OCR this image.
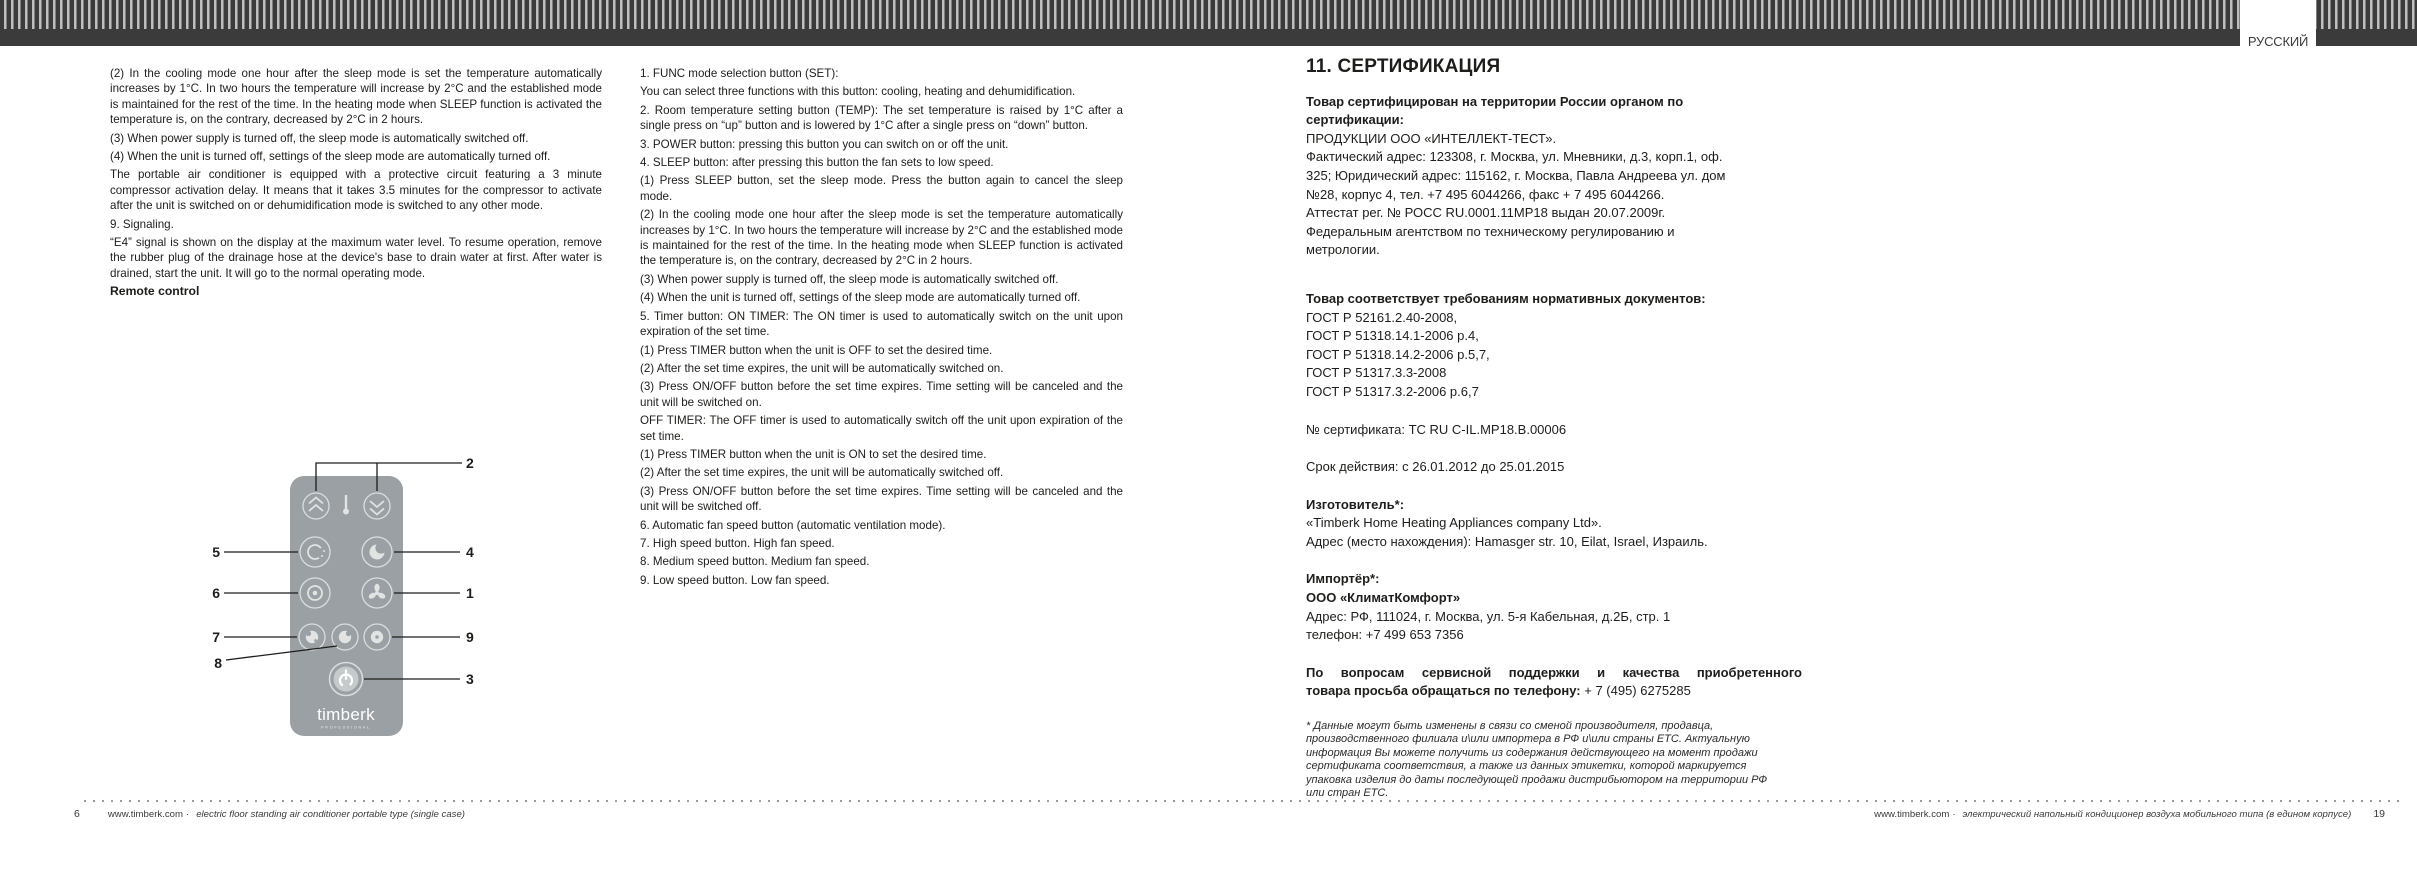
РУССКИЙ

(2) In the cooling mode one hour after the sleep mode is set the temperature automatically increases by 1°C. In two hours the temperature will increase by 2°C and the established mode is maintained for the rest of the time. In the heating mode when SLEEP function is activated the temperature is, on the contrary, decreased by 2°C in 2 hours.

(3) When power supply is turned off, the sleep mode is automatically switched off.

(4) When the unit is turned off, settings of the sleep mode are automatically turned off.

The portable air conditioner is equipped with a protective circuit featuring a 3 minute compressor activation delay. It means that it takes 3.5 minutes for the compressor to activate after the unit is switched on or dehumidification mode is switched to any other mode.

9. Signaling.

“E4” signal is shown on the display at the maximum water level. To resume operation, remove the rubber plug of the drainage hose at the device's base to drain water at first. After water is drained, start the unit. It will go to the normal operating mode.

Remote control

timberk
PROFESSIONAL
2
5
6
7
8
4
1
9
3

1. FUNC mode selection button (SET):

You can select three functions with this button: cooling, heating and dehumidification.

2. Room temperature setting button (TEMP): The set temperature is raised by 1°C after a single press on “up” button and is lowered by 1°C after a single press on “down” button.

3. POWER button: pressing this button you can switch on or off the unit.

4. SLEEP button: after pressing this button the fan sets to low speed.

(1) Press SLEEP button, set the sleep mode. Press the button again to cancel the sleep mode.

(2) In the cooling mode one hour after the sleep mode is set the temperature automatically increases by 1°C. In two hours the temperature will increase by 2°C and the established mode is maintained for the rest of the time. In the heating mode when SLEEP function is activated the temperature is, on the contrary, decreased by 2°C in 2 hours.

(3) When power supply is turned off, the sleep mode is automatically switched off.

(4) When the unit is turned off, settings of the sleep mode are automatically turned off.

5. Timer button: ON TIMER: The ON timer is used to automatically switch on the unit upon expiration of the set time.

(1) Press TIMER button when the unit is OFF to set the desired time.

(2) After the set time expires, the unit will be automatically switched on.

(3) Press ON/OFF button before the set time expires. Time setting will be canceled and the unit will be switched on.

OFF TIMER: The OFF timer is used to automatically switch off the unit upon expiration of the set time.

(1) Press TIMER button when the unit is ON to set the desired time.

(2) After the set time expires, the unit will be automatically switched off.

(3) Press ON/OFF button before the set time expires. Time setting will be canceled and the unit will be switched off.

6. Automatic fan speed button (automatic ventilation mode).

7. High speed button. High fan speed.

8. Medium speed button. Medium fan speed.

9. Low speed button. Low fan speed.

11. СЕРТИФИКАЦИЯ
Товар сертифицирован на территории России органом по
сертификации:
ПРОДУКЦИИ ООО «ИНТЕЛЛЕКТ-ТЕСТ».
Фактический адрес: 123308, г. Москва, ул. Мневники, д.3, корп.1, оф.
325; Юридический адрес: 115162, г. Москва, Павла Андреева ул. дом
№28, корпус 4, тел. +7 495 6044266, факс + 7 495 6044266.
Аттестат рег. № РОСС RU.0001.11МР18 выдан 20.07.2009г.
Федеральным агентством по техническому регулированию и
метрологии.
Товар соответствует требованиям нормативных документов:
ГОСТ Р 52161.2.40-2008,
ГОСТ Р 51318.14.1-2006 р.4,
ГОСТ Р 51318.14.2-2006 р.5,7,
ГОСТ Р 51317.3.3-2008
ГОСТ Р 51317.3.2-2006 р.6,7
№ сертификата: TC RU C-IL.МР18.В.00006
Срок действия: с 26.01.2012 до 25.01.2015
Изготовитель*:
«Timberk Home Heating Appliances company Ltd».
Адрес (место нахождения): Hamasger str. 10, Eilat, Israel, Израиль.
Импортёр*:
ООО «КлиматКомфорт»
Адрес: РФ, 111024, г. Москва, ул. 5-я Кабельная, д.2Б, стр. 1
телефон: +7 499 653 7356
По вопросам сервисной поддержки и качества приобретенного
товара просьба обращаться по телефону: + 7 (495) 6275285
* Данные могут быть изменены в связи со сменой производителя, продавца, производственного филиала и\или импортера в РФ и\или страны ЕТС. Актуальную информация Вы можете получить из содержания действующего на момент продажи сертификата соответствия, а также из данных этикетки, которой маркируется упаковка изделия до даты последующей продажи дистрибьютором на территории РФ или стран ЕТС.
6	www.timberk.com · electric floor standing air conditioner portable type (single case)	www.timberk.com · электрический напольный кондиционер воздуха мобильного типа (в едином корпусе) 19
